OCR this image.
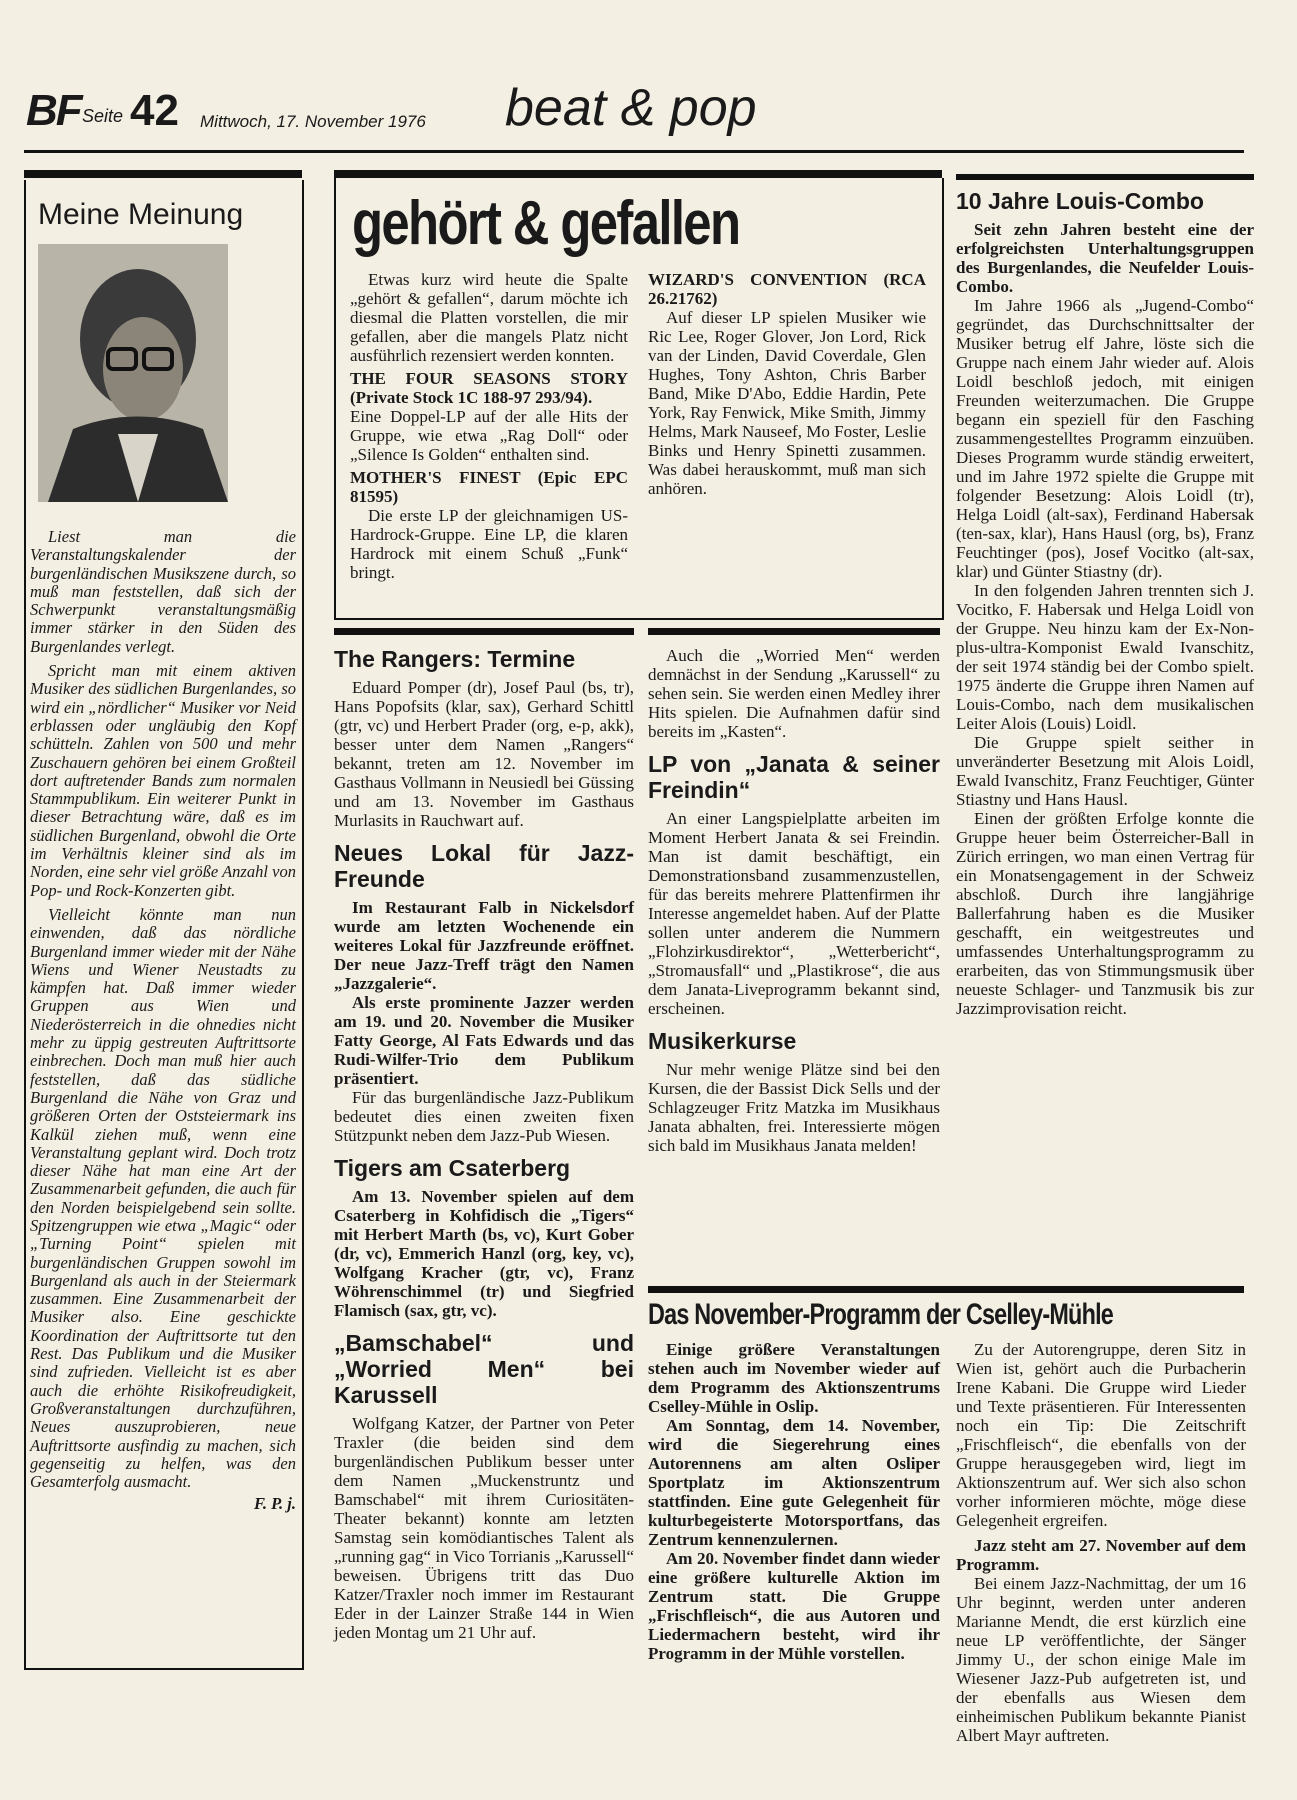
BF Seite 42 Mittwoch, 17. November 1976 beat & pop
Meine Meinung

Liest man die Veranstaltungskalender der burgenländischen Musikszene durch, so muß man feststellen, daß sich der Schwerpunkt veranstaltungsmäßig immer stärker in den Süden des Burgenlandes verlegt.

Spricht man mit einem aktiven Musiker des südlichen Burgenlandes, so wird ein „nördlicher“ Musiker vor Neid erblassen oder ungläubig den Kopf schütteln. Zahlen von 500 und mehr Zuschauern gehören bei einem Großteil dort auftretender Bands zum normalen Stammpublikum. Ein weiterer Punkt in dieser Betrachtung wäre, daß es im südlichen Burgenland, obwohl die Orte im Verhältnis kleiner sind als im Norden, eine sehr viel größe Anzahl von Pop- und Rock-Konzerten gibt.

Vielleicht könnte man nun einwenden, daß das nördliche Burgenland immer wieder mit der Nähe Wiens und Wiener Neustadts zu kämpfen hat. Daß immer wieder Gruppen aus Wien und Niederösterreich in die ohnedies nicht mehr zu üppig gestreuten Auftrittsorte einbrechen. Doch man muß hier auch feststellen, daß das südliche Burgenland die Nähe von Graz und größeren Orten der Oststeiermark ins Kalkül ziehen muß, wenn eine Veranstaltung geplant wird. Doch trotz dieser Nähe hat man eine Art der Zusammenarbeit gefunden, die auch für den Norden beispielgebend sein sollte. Spitzengruppen wie etwa „Magic“ oder „Turning Point“ spielen mit burgenländischen Gruppen sowohl im Burgenland als auch in der Steiermark zusammen. Eine Zusammenarbeit der Musiker also. Eine geschickte Koordination der Auftrittsorte tut den Rest. Das Publikum und die Musiker sind zufrieden. Vielleicht ist es aber auch die erhöhte Risikofreudigkeit, Großveranstaltungen durchzuführen, Neues auszuprobieren, neue Auftrittsorte ausfindig zu machen, sich gegenseitig zu helfen, was den Gesamterfolg ausmacht.

F. P. j.
gehört & gefallen

Etwas kurz wird heute die Spalte „gehört & gefallen“, darum möchte ich diesmal die Platten vorstellen, die mir gefallen, aber die mangels Platz nicht ausführlich rezensiert werden konnten.

THE FOUR SEASONS STORY (Private Stock 1C 188-97 293/94).

Eine Doppel-LP auf der alle Hits der Gruppe, wie etwa „Rag Doll“ oder „Silence Is Golden“ enthalten sind.

MOTHER'S FINEST (Epic EPC 81595)

Die erste LP der gleichnamigen US-Hardrock-Gruppe. Eine LP, die klaren Hardrock mit einem Schuß „Funk“ bringt.

WIZARD'S CONVENTION (RCA 26.21762)

Auf dieser LP spielen Musiker wie Ric Lee, Roger Glover, Jon Lord, Rick van der Linden, David Coverdale, Glen Hughes, Tony Ashton, Chris Barber Band, Mike D'Abo, Eddie Hardin, Pete York, Ray Fenwick, Mike Smith, Jimmy Helms, Mark Nauseef, Mo Foster, Leslie Binks und Henry Spinetti zusammen. Was dabei herauskommt, muß man sich anhören.

The Rangers: Termine

Eduard Pomper (dr), Josef Paul (bs, tr), Hans Popofsits (klar, sax), Gerhard Schittl (gtr, vc) und Herbert Prader (org, e-p, akk), besser unter dem Namen „Rangers“ bekannt, treten am 12. November im Gasthaus Vollmann in Neusiedl bei Güssing und am 13. November im Gasthaus Murlasits in Rauchwart auf.

Neues Lokal für Jazz-Freunde

Im Restaurant Falb in Nickelsdorf wurde am letzten Wochenende ein weiteres Lokal für Jazzfreunde eröffnet. Der neue Jazz-Treff trägt den Namen „Jazzgalerie“.

Als erste prominente Jazzer werden am 19. und 20. November die Musiker Fatty George, Al Fats Edwards und das Rudi-Wilfer-Trio dem Publikum präsentiert.

Für das burgenländische Jazz-Publikum bedeutet dies einen zweiten fixen Stützpunkt neben dem Jazz-Pub Wiesen.

Tigers am Csaterberg

Am 13. November spielen auf dem Csaterberg in Kohfidisch die „Tigers“ mit Herbert Marth (bs, vc), Kurt Gober (dr, vc), Emmerich Hanzl (org, key, vc), Wolfgang Kracher (gtr, vc), Franz Wöhrenschimmel (tr) und Siegfried Flamisch (sax, gtr, vc).

„Bamschabel“ und „Worried Men“ bei Karussell

Wolfgang Katzer, der Partner von Peter Traxler (die beiden sind dem burgenländischen Publikum besser unter dem Namen „Muckenstruntz und Bamschabel“ mit ihrem Curiositäten-Theater bekannt) konnte am letzten Samstag sein komödiantisches Talent als „running gag“ in Vico Torrianis „Karussell“ beweisen. Übrigens tritt das Duo Katzer/Traxler noch immer im Restaurant Eder in der Lainzer Straße 144 in Wien jeden Montag um 21 Uhr auf.

Auch die „Worried Men“ werden demnächst in der Sendung „Karussell“ zu sehen sein. Sie werden einen Medley ihrer Hits spielen. Die Aufnahmen dafür sind bereits im „Kasten“.

LP von „Janata & seiner Freindin“

An einer Langspielplatte arbeiten im Moment Herbert Janata & sei Freindin. Man ist damit beschäftigt, ein Demonstrationsband zusammenzustellen, für das bereits mehrere Plattenfirmen ihr Interesse angemeldet haben. Auf der Platte sollen unter anderem die Nummern „Flohzirkusdirektor“, „Wetterbericht“, „Stromausfall“ und „Plastikrose“, die aus dem Janata-Liveprogramm bekannt sind, erscheinen.

Musikerkurse

Nur mehr wenige Plätze sind bei den Kursen, die der Bassist Dick Sells und der Schlagzeuger Fritz Matzka im Musikhaus Janata abhalten, frei. Interessierte mögen sich bald im Musikhaus Janata melden!

10 Jahre Louis-Combo

Seit zehn Jahren besteht eine der erfolgreichsten Unterhaltungsgruppen des Burgenlandes, die Neufelder Louis-Combo.

Im Jahre 1966 als „Jugend-Combo“ gegründet, das Durchschnittsalter der Musiker betrug elf Jahre, löste sich die Gruppe nach einem Jahr wieder auf. Alois Loidl beschloß jedoch, mit einigen Freunden weiterzumachen. Die Gruppe begann ein speziell für den Fasching zusammengestelltes Programm einzuüben. Dieses Programm wurde ständig erweitert, und im Jahre 1972 spielte die Gruppe mit folgender Besetzung: Alois Loidl (tr), Helga Loidl (alt-sax), Ferdinand Habersak (ten-sax, klar), Hans Hausl (org, bs), Franz Feuchtinger (pos), Josef Vocitko (alt-sax, klar) und Günter Stiastny (dr).

In den folgenden Jahren trennten sich J. Vocitko, F. Habersak und Helga Loidl von der Gruppe. Neu hinzu kam der Ex-Non-plus-ultra-Komponist Ewald Ivanschitz, der seit 1974 ständig bei der Combo spielt. 1975 änderte die Gruppe ihren Namen auf Louis-Combo, nach dem musikalischen Leiter Alois (Louis) Loidl.

Die Gruppe spielt seither in unveränderter Besetzung mit Alois Loidl, Ewald Ivanschitz, Franz Feuchtiger, Günter Stiastny und Hans Hausl.

Einen der größten Erfolge konnte die Gruppe heuer beim Österreicher-Ball in Zürich erringen, wo man einen Vertrag für ein Monatsengagement in der Schweiz abschloß. Durch ihre langjährige Ballerfahrung haben es die Musiker geschafft, ein weitgestreutes und umfassendes Unterhaltungsprogramm zu erarbeiten, das von Stimmungsmusik über neueste Schlager- und Tanzmusik bis zur Jazzimprovisation reicht.

Das November-Programm der Cselley-Mühle

Einige größere Veranstaltungen stehen auch im November wieder auf dem Programm des Aktionszentrums Cselley-Mühle in Oslip.

Am Sonntag, dem 14. November, wird die Siegerehrung eines Autorennens am alten Osliper Sportplatz im Aktionszentrum stattfinden. Eine gute Gelegenheit für kulturbegeisterte Motorsportfans, das Zentrum kennenzulernen.

Am 20. November findet dann wieder eine größere kulturelle Aktion im Zentrum statt. Die Gruppe „Frischfleisch“, die aus Autoren und Liedermachern besteht, wird ihr Programm in der Mühle vorstellen.

Zu der Autorengruppe, deren Sitz in Wien ist, gehört auch die Purbacherin Irene Kabani. Die Gruppe wird Lieder und Texte präsentieren. Für Interessenten noch ein Tip: Die Zeitschrift „Frischfleisch“, die ebenfalls von der Gruppe herausgegeben wird, liegt im Aktionszentrum auf. Wer sich also schon vorher informieren möchte, möge diese Gelegenheit ergreifen.

Jazz steht am 27. November auf dem Programm.

Bei einem Jazz-Nachmittag, der um 16 Uhr beginnt, werden unter anderen Marianne Mendt, die erst kürzlich eine neue LP veröffentlichte, der Sänger Jimmy U., der schon einige Male im Wiesener Jazz-Pub aufgetreten ist, und der ebenfalls aus Wiesen dem einheimischen Publikum bekannte Pianist Albert Mayr auftreten.
